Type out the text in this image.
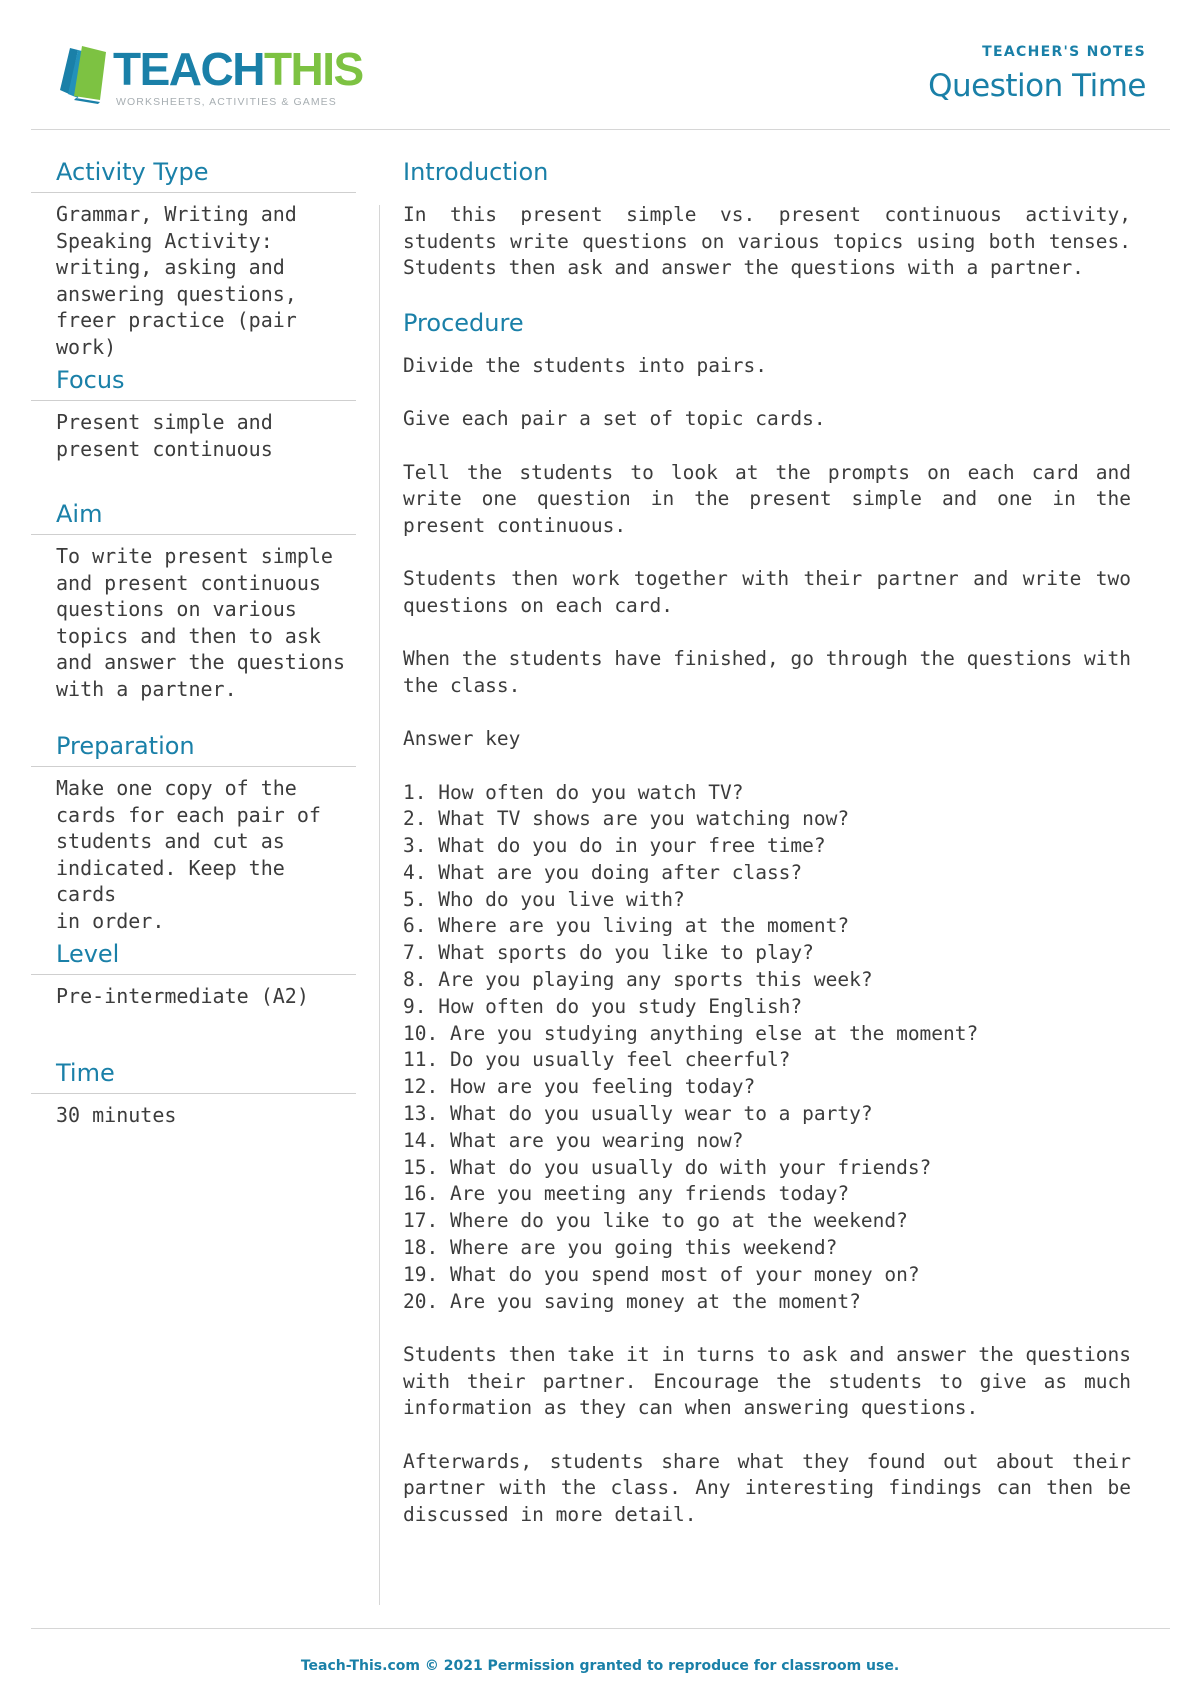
TEACHTHIS
WORKSHEETS, ACTIVITIES & GAMES
TEACHER'S NOTES
Question Time
Activity Type
Grammar, Writing and
Speaking Activity:
writing, asking and
answering questions,
freer practice (pair work)
Focus
Present simple and
present continuous
Aim
To write present simple
and present continuous
questions on various
topics and then to ask
and answer the questions
with a partner.
Preparation
Make one copy of the
cards for each pair of
students and cut as
indicated. Keep the cards
in order.
Level
Pre-intermediate (A2)
Time
30 minutes
Introduction

In this present simple vs. present continuous activity, students write questions on various topics using both tenses. Students then ask and answer the questions with a partner.

Procedure

Divide the students into pairs.

Give each pair a set of topic cards.

Tell the students to look at the prompts on each card and write one question in the present simple and one in the present continuous.

Students then work together with their partner and write two questions on each card.

When the students have finished, go through the questions with the class.

Answer key

1. How often do you watch TV?
2. What TV shows are you watching now?
3. What do you do in your free time?
4. What are you doing after class?
5. Who do you live with?
6. Where are you living at the moment?
7. What sports do you like to play?
8. Are you playing any sports this week?
9. How often do you study English?
10. Are you studying anything else at the moment?
11. Do you usually feel cheerful?
12. How are you feeling today?
13. What do you usually wear to a party?
14. What are you wearing now?
15. What do you usually do with your friends?
16. Are you meeting any friends today?
17. Where do you like to go at the weekend?
18. Where are you going this weekend?
19. What do you spend most of your money on?
20. Are you saving money at the moment?

Students then take it in turns to ask and answer the questions with their partner. Encourage the students to give as much information as they can when answering questions.

Afterwards, students share what they found out about their partner with the class. Any interesting findings can then be discussed in more detail.

Teach-This.com © 2021 Permission granted to reproduce for classroom use.
